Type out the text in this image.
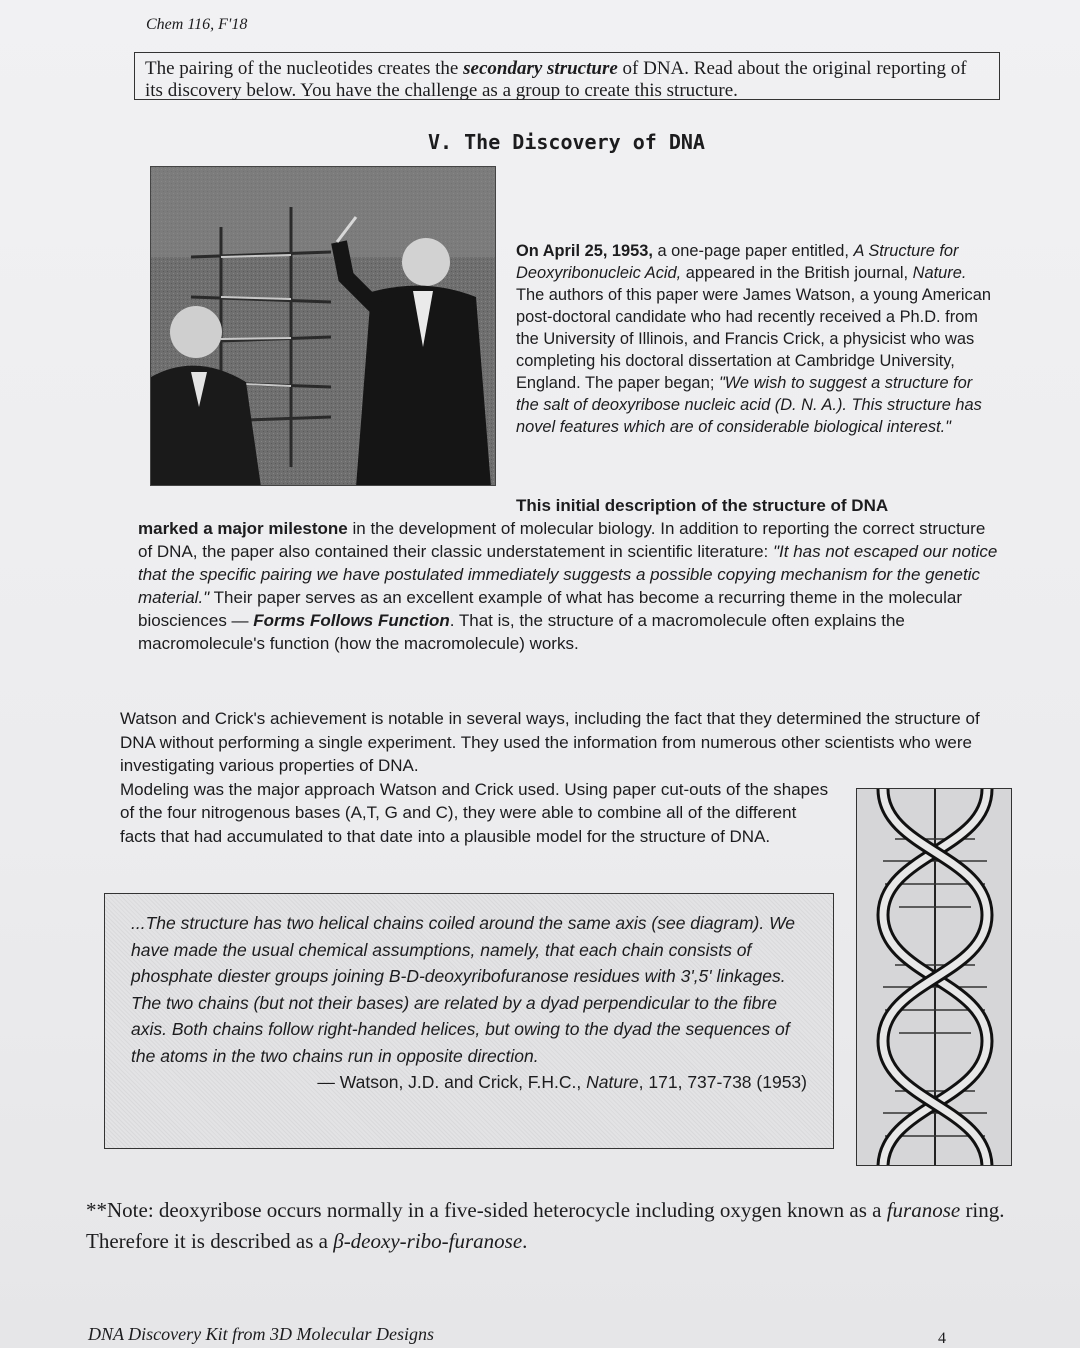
Chem 116, F'18
The pairing of the nucleotides creates the secondary structure of DNA. Read about the original reporting of its discovery below. You have the challenge as a group to create this structure.
V. The Discovery of DNA
On April 25, 1953, a one-page paper entitled, A Structure for Deoxyribonucleic Acid, appeared in the British journal, Nature. The authors of this paper were James Watson, a young American post-doctoral candidate who had recently received a Ph.D. from the University of Illinois, and Francis Crick, a physicist who was completing his doctoral dissertation at Cambridge University, England. The paper began; "We wish to suggest a structure for the salt of deoxyribose nucleic acid (D. N. A.). This structure has novel features which are of considerable biological interest."
This initial description of the structure of DNA
marked a major milestone in the development of molecular biology. In addition to reporting the correct structure of DNA, the paper also contained their classic understatement in scientific literature: "It has not escaped our notice that the specific pairing we have postulated immediately suggests a possible copying mechanism for the genetic material." Their paper serves as an excellent example of what has become a recurring theme in the molecular biosciences — Forms Follows Function. That is, the structure of a macromolecule often explains the macromolecule's function (how the macromolecule) works.
Watson and Crick's achievement is notable in several ways, including the fact that they determined the structure of DNA without performing a single experiment. They used the information from numerous other scientists who were investigating various properties of DNA.
Modeling was the major approach Watson and Crick used. Using paper cut-outs of the shapes of the four nitrogenous bases (A,T, G and C), they were able to combine all of the different facts that had accumulated to that date into a plausible model for the structure of DNA.
...The structure has two helical chains coiled around the same axis (see diagram). We have made the usual chemical assumptions, namely, that each chain consists of phosphate diester groups joining B-D-deoxyribofuranose residues with 3',5' linkages. The two chains (but not their bases) are related by a dyad perpendicular to the fibre axis. Both chains follow right-handed helices, but owing to the dyad the sequences of the atoms in the two chains run in opposite direction.
— Watson, J.D. and Crick, F.H.C., Nature, 171, 737-738 (1953)
**Note: deoxyribose occurs normally in a five-sided heterocycle including oxygen known as a furanose ring. Therefore it is described as a β-deoxy-ribo-furanose.
DNA Discovery Kit from 3D Molecular Designs	4
